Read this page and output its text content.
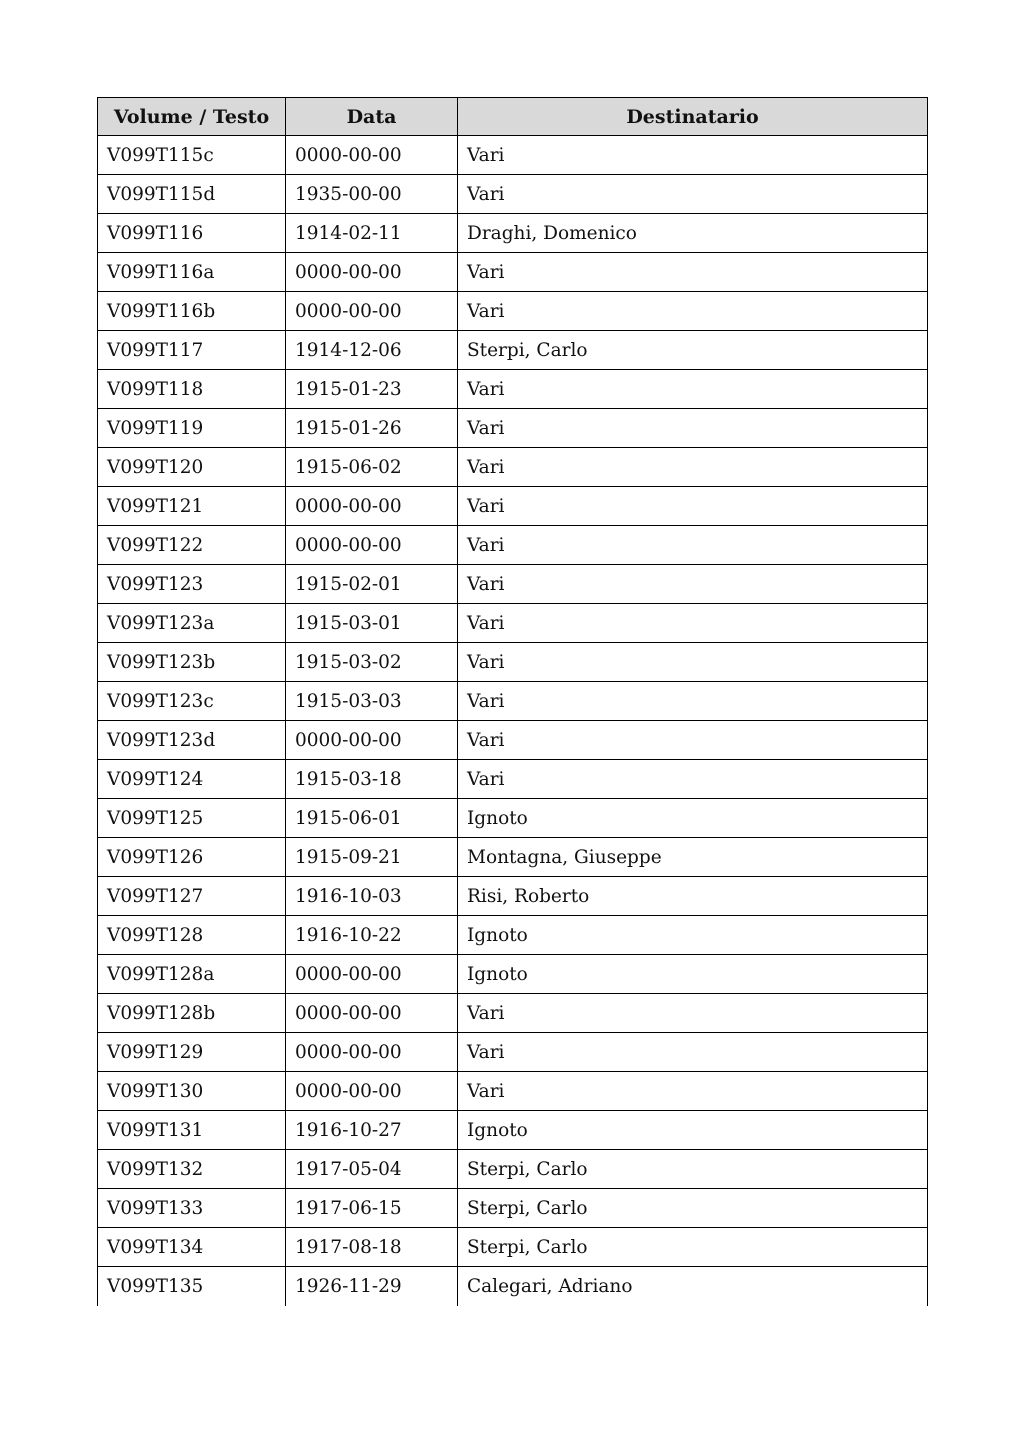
Volume / Testo	Data	Destinatario
V099T115c	0000-00-00	Vari
V099T115d	1935-00-00	Vari
V099T116	1914-02-11	Draghi, Domenico
V099T116a	0000-00-00	Vari
V099T116b	0000-00-00	Vari
V099T117	1914-12-06	Sterpi, Carlo
V099T118	1915-01-23	Vari
V099T119	1915-01-26	Vari
V099T120	1915-06-02	Vari
V099T121	0000-00-00	Vari
V099T122	0000-00-00	Vari
V099T123	1915-02-01	Vari
V099T123a	1915-03-01	Vari
V099T123b	1915-03-02	Vari
V099T123c	1915-03-03	Vari
V099T123d	0000-00-00	Vari
V099T124	1915-03-18	Vari
V099T125	1915-06-01	Ignoto
V099T126	1915-09-21	Montagna, Giuseppe
V099T127	1916-10-03	Risi, Roberto
V099T128	1916-10-22	Ignoto
V099T128a	0000-00-00	Ignoto
V099T128b	0000-00-00	Vari
V099T129	0000-00-00	Vari
V099T130	0000-00-00	Vari
V099T131	1916-10-27	Ignoto
V099T132	1917-05-04	Sterpi, Carlo
V099T133	1917-06-15	Sterpi, Carlo
V099T134	1917-08-18	Sterpi, Carlo
V099T135	1926-11-29	Calegari, Adriano
